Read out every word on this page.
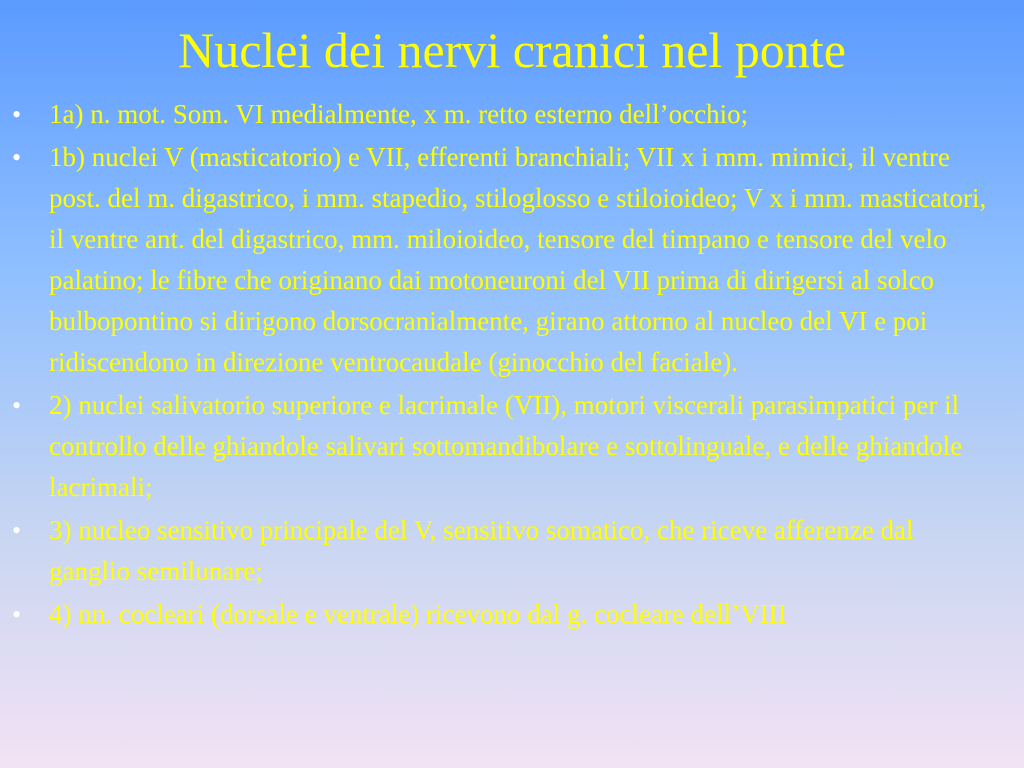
Nuclei dei nervi cranici nel ponte
• 1a) n. mot. Som. VI medialmente, x m. retto esterno dell’occhio;
• 1b) nuclei V (masticatorio) e VII, efferenti branchiali; VII x i mm. mimici, il ventre post. del m. digastrico, i mm. stapedio, stiloglosso e stiloioideo; V x i mm. masticatori, il ventre ant. del digastrico, mm. miloioideo, tensore del timpano e tensore del velo palatino; le fibre che originano dai motoneuroni del VII prima di dirigersi al solco bulbopontino si dirigono dorsocranialmente, girano attorno al nucleo del VI e poi ridiscendono in direzione ventrocaudale (ginocchio del faciale).
• 2) nuclei salivatorio superiore e lacrimale (VII), motori viscerali parasimpatici per il controllo delle ghiandole salivari sottomandibolare e sottolinguale, e delle ghiandole lacrimali;
• 3) nucleo sensitivo principale del V, sensitivo somatico, che riceve afferenze dal ganglio semilunare;
• 4) nn. cocleari (dorsale e ventrale) ricevono dal g. cocleare dell’VIII
